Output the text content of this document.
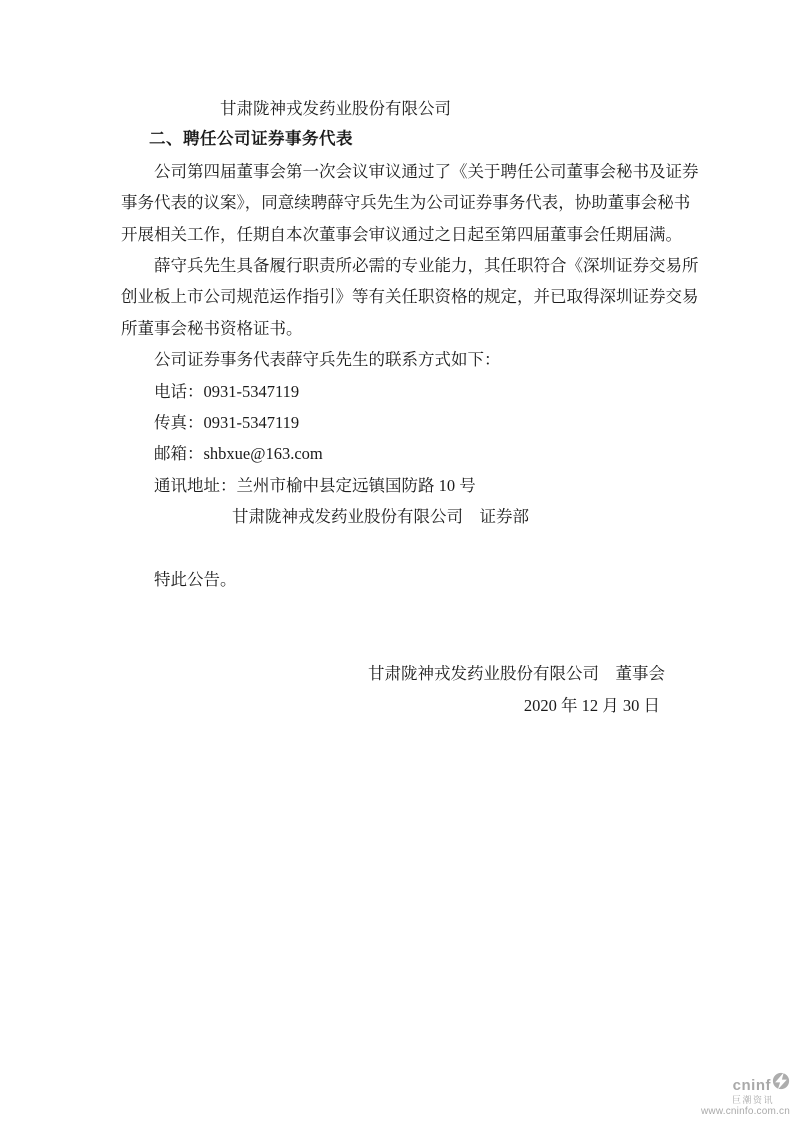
甘肃陇神戎发药业股份有限公司
二、聘任公司证券事务代表
公司第四届董事会第一次会议审议通过了《关于聘任公司董事会秘书及证券
事务代表的议案》，同意续聘薛守兵先生为公司证券事务代表，协助董事会秘书
开展相关工作，任期自本次董事会审议通过之日起至第四届董事会任期届满。
薛守兵先生具备履行职责所必需的专业能力，其任职符合《深圳证券交易所
创业板上市公司规范运作指引》等有关任职资格的规定，并已取得深圳证券交易
所董事会秘书资格证书。
公司证券事务代表薛守兵先生的联系方式如下：
电话：0931-5347119
传真：0931-5347119
邮箱：shbxue@163.com
通讯地址：兰州市榆中县定远镇国防路 10 号
甘肃陇神戎发药业股份有限公司　证券部
特此公告。
甘肃陇神戎发药业股份有限公司　董事会
2020 年 12 月 30 日
cninf
巨潮资讯
www.cninfo.com.cn
